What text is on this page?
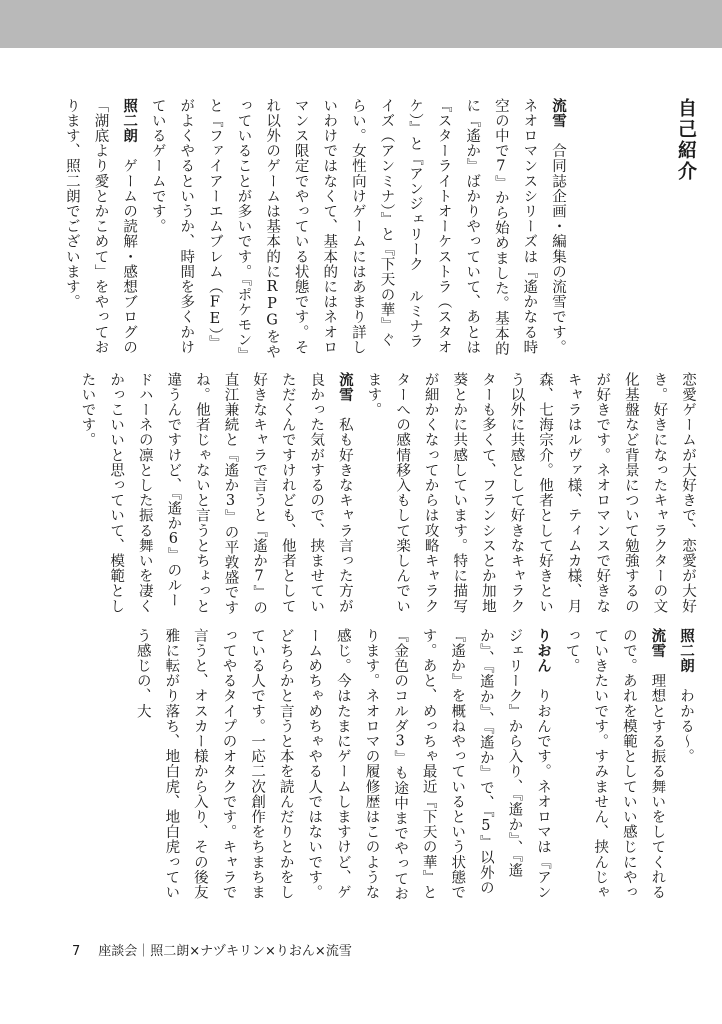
自己紹介
流雪　合同誌企画・編集の流雪です。ネオロマンスシリーズは『遙かなる時空の中で7』から始めました。基本的に『遙か』ばかりやっていて、あとは『スターライトオーケストラ（スタオケ）』と『アンジェリーク ルミナライズ（アンミナ）』と『下天の華』ぐらい。女性向けゲームにはあまり詳しいわけではなくて、基本的にはネオロマンス限定でやっている状態です。それ以外のゲームは基本的にRPGをやっていることが多いです。『ポケモン』と『ファイアーエムブレム（FE）』がよくやるというか、時間を多くかけているゲームです。
照二朗　ゲームの読解・感想ブログの「湖底より愛とかこめて」をやっております、照二朗でございます。
恋愛ゲームが大好きで、恋愛が大好き。好きになったキャラクターの文化基盤など背景について勉強するのが好きです。ネオロマンスで好きなキャラはルヴァ様、ティムカ様、月森、七海宗介。他者として好きという以外に共感として好きなキャラクターも多くて、フランシスとか加地葵とかに共感しています。特に描写が細かくなってからは攻略キャラクターへの感情移入もして楽しんでいます。
流雪　私も好きなキャラ言った方が良かった気がするので、挟ませていただくんですけれども、他者として好きなキャラで言うと『遙か7』の直江兼続と『遙か3』の平敦盛ですね。他者じゃないと言うとちょっと違うんですけど、『遙か6』のルードハーネの凛とした振る舞いを凄くかっこいいと思っていて、模範としたいです。
照二朗　わかる～。
流雪　理想とする振る舞いをしてくれるので。あれを模範としていい感じにやっていきたいです。すみません、挟んじゃって。
りおん　りおんです。ネオロマは『アンジェリーク』から入り、『遙か』、『遙か』、『遙か』、『遙か』で、『5』以外の『遙か』を概ねやっているという状態です。あと、めっちゃ最近『下天の華』と『金色のコルダ3』も途中までやっております。ネオロマの履修歴はこのような感じ。今はたまにゲームしますけど、ゲームめちゃめちゃやる人ではないです。どちらかと言うと本を読んだりとかをしている人です。一応二次創作をちまちまってやるタイプのオタクです。キャラで言うと、オスカー様から入り、その後友雅に転がり落ち、地白虎、地白虎っていう感じの、大
7 座談会｜照二朗×ナヅキリン×りおん×流雪
